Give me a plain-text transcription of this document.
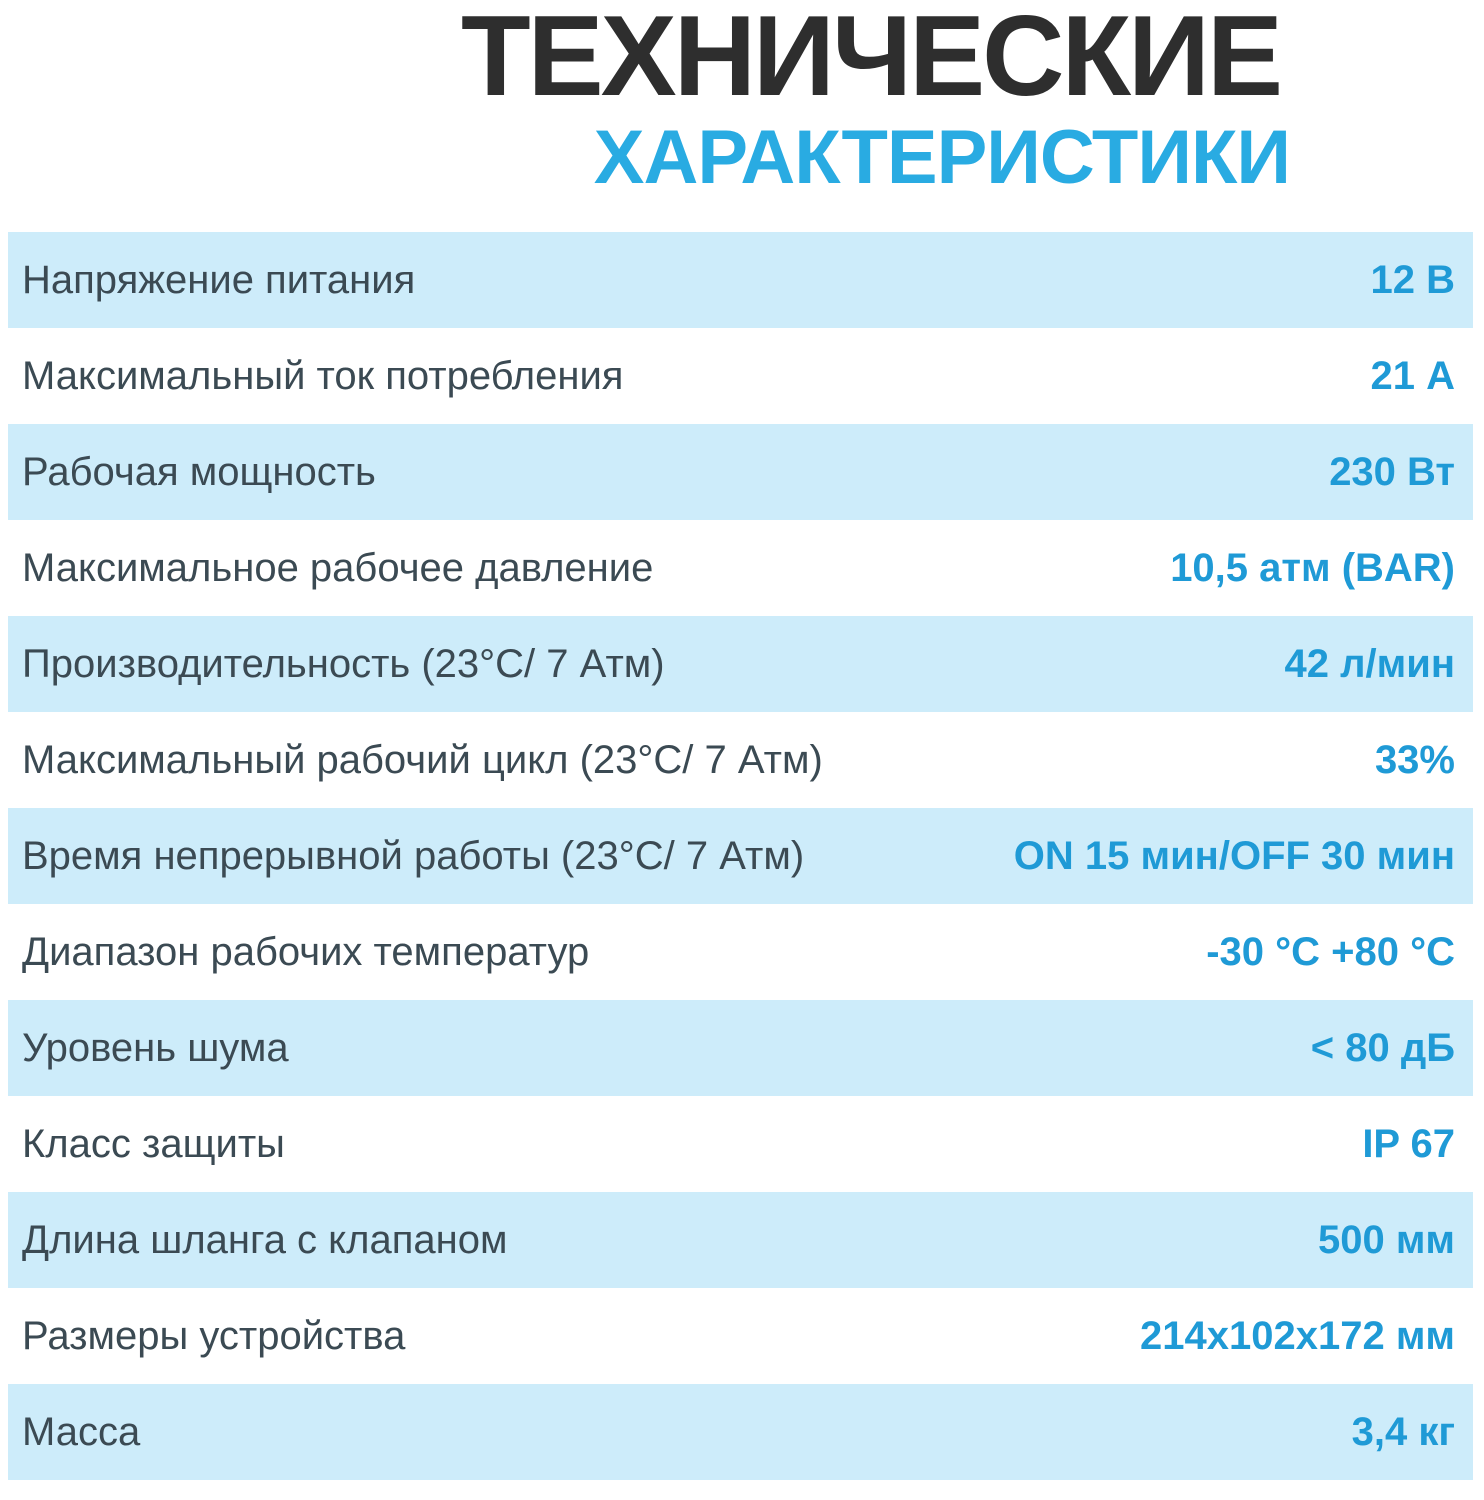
ТЕХНИЧЕСКИЕ
ХАРАКТЕРИСТИКИ
Напряжение питания	12 В
Максимальный ток потребления	21 А
Рабочая мощность	230 Вт
Максимальное рабочее давление	10,5 атм (BAR)
Производительность (23°С/ 7 Атм)	42 л/мин
Максимальный рабочий цикл (23°С/ 7 Атм)	33%
Время непрерывной работы (23°С/ 7 Атм)	ON 15 мин/OFF 30 мин
Диапазон рабочих температур	-30 °С +80 °С
Уровень шума	< 80 дБ
Класс защиты	IP 67
Длина шланга с клапаном	500 мм
Размеры устройства	214х102х172 мм
Масса	3,4 кг
